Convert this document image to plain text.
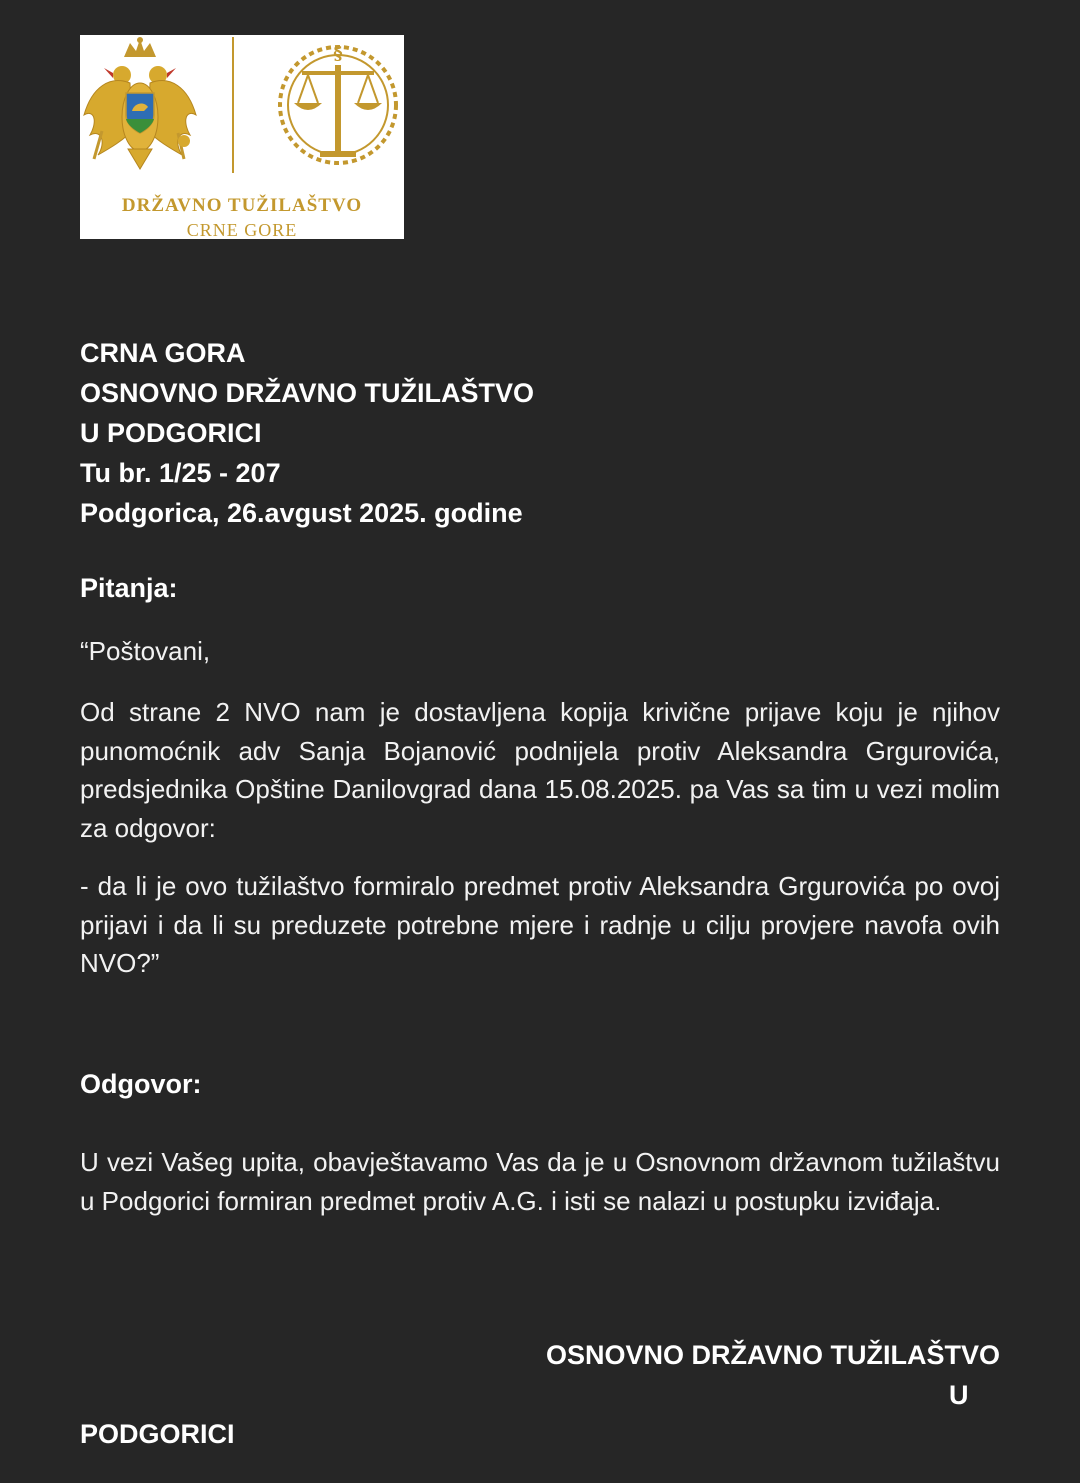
§
DRŽAVNO TUŽILAŠTVO
CRNE GORE
CRNA GORA
OSNOVNO DRŽAVNO TUŽILAŠTVO
U PODGORICI
Tu br. 1/25 - 207
Podgorica, 26.avgust 2025. godine
Pitanja:
“Poštovani,
Od strane 2 NVO nam je dostavljena kopija krivične prijave koju je njihov punomoćnik adv Sanja Bojanović podnijela protiv Aleksandra Grgurovića, predsjednika Opštine Danilovgrad dana 15.08.2025. pa Vas sa tim u vezi molim za odgovor:
- da li je ovo tužilaštvo formiralo predmet protiv Aleksandra Grgurovića po ovoj prijavi i da li su preduzete potrebne mjere i radnje u cilju provjere navofa ovih NVO?”
Odgovor:
U vezi Vašeg upita, obavještavamo Vas da je u Osnovnom državnom tužilaštvu u Podgorici formiran predmet protiv A.G. i isti se nalazi u postupku izviđaja.
OSNOVNO DRŽAVNO TUŽILAŠTVO
U
PODGORICI
